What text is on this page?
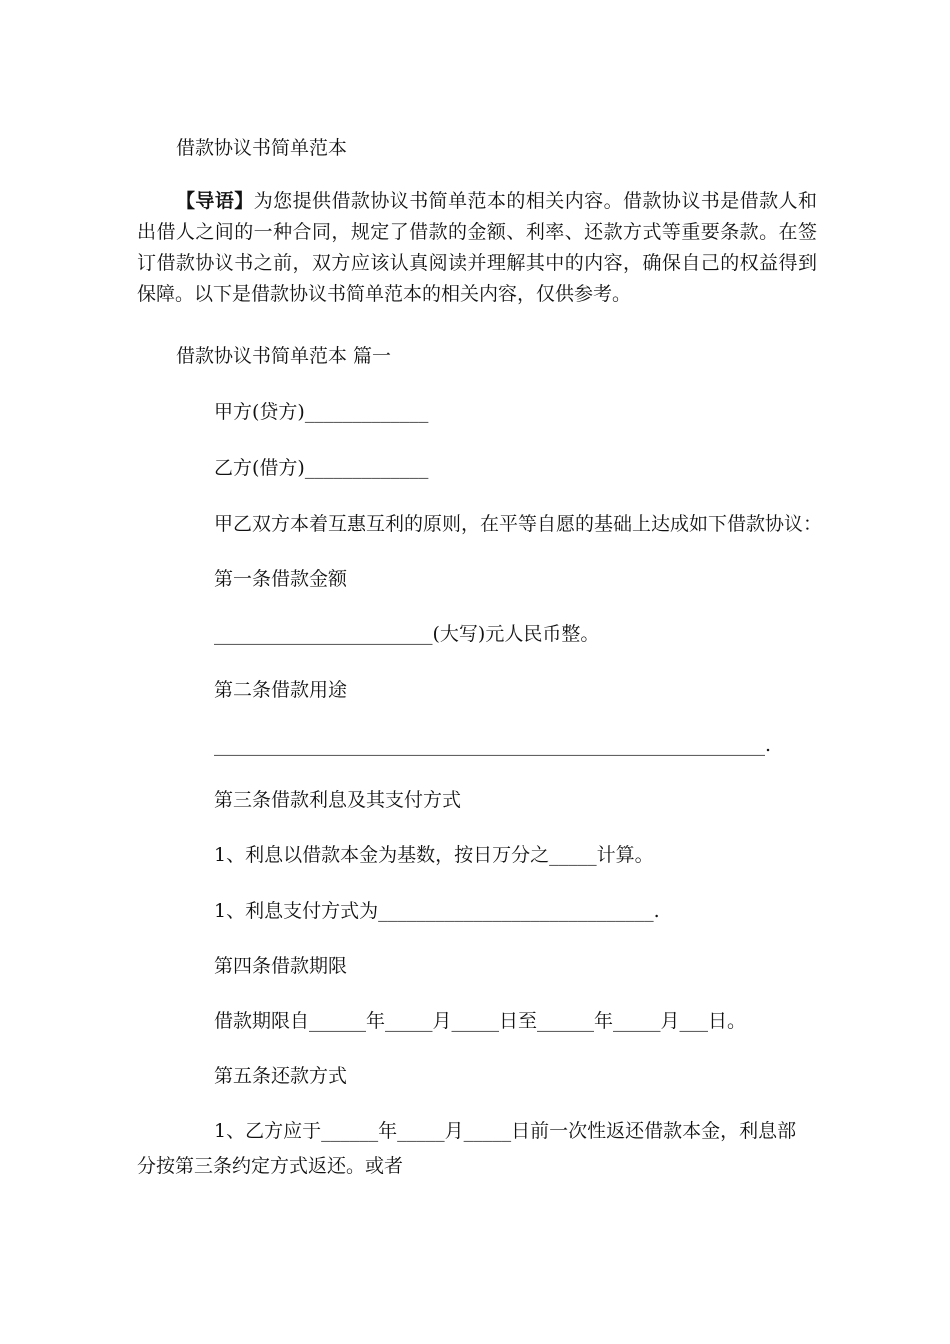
借款协议书简单范本

【导语】为您提供借款协议书简单范本的相关内容。借款协议书是借款人和出借人之间的一种合同，规定了借款的金额、利率、还款方式等重要条款。在签订借款协议书之前，双方应该认真阅读并理解其中的内容，确保自己的权益得到保障。以下是借款协议书简单范本的相关内容，仅供参考。

借款协议书简单范本 篇一

甲方(贷方)_____________

乙方(借方)_____________

甲乙双方本着互惠互利的原则，在平等自愿的基础上达成如下借款协议：

第一条借款金额

_______________________(大写)元人民币整。

第二条借款用途

__________________________________________________________.

第三条借款利息及其支付方式

1、利息以借款本金为基数，按日万分之_____计算。

1、利息支付方式为_____________________________.

第四条借款期限

借款期限自______年_____月_____日至______年_____月___日。

第五条还款方式

1、乙方应于______年_____月_____日前一次性返还借款本金，利息部

分按第三条约定方式返还。或者
